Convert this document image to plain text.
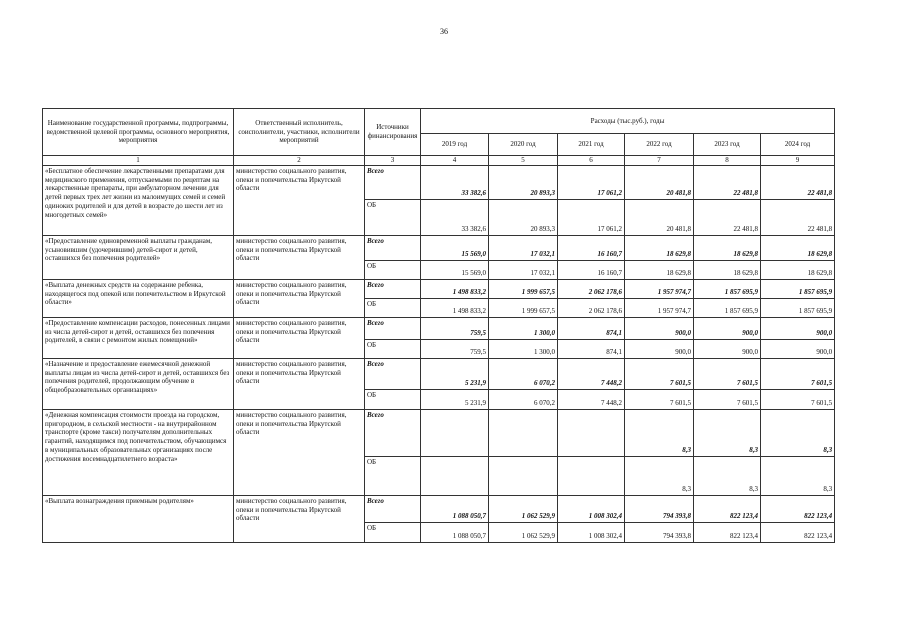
36
Наименование государственной программы, подпрограммы, ведомственной целевой программы, основного мероприятия, мероприятия	Ответственный исполнитель, соисполнители, участники, исполнители мероприятий	Источники финансирования	Расходы (тыс.руб.), годы					
			2019 год	2020 год	2021 год	2022 год	2023 год	2024 год
1	2	3	4	5	6	7	8	9
«Бесплатное обеспечение лекарственными препаратами для медицинского применения, отпускаемыми по рецептам на лекарственные препараты, при амбулаторном лечении для детей первых трех лет жизни из малоимущих семей и семей одиноких родителей и для детей в возрасте до шести лет из многодетных семей»	министерство социального развития, опеки и попечительства Иркутской области	Всего	33 382,6	20 893,3	17 061,2	20 481,8	22 481,8	22 481,8
		ОБ	33 382,6	20 893,3	17 061,2	20 481,8	22 481,8	22 481,8
«Предоставление единовременной выплаты гражданам, усыновившим (удочерившим) детей-сирот и детей, оставшихся без попечения родителей»	министерство социального развития, опеки и попечительства Иркутской области	Всего	15 569,0	17 032,1	16 160,7	18 629,8	18 629,8	18 629,8
		ОБ	15 569,0	17 032,1	16 160,7	18 629,8	18 629,8	18 629,8
«Выплата денежных средств на содержание ребенка, находящегося под опекой или попечительством в Иркутской области»	министерство социального развития, опеки и попечительства Иркутской области	Всего	1 498 833,2	1 999 657,5	2 062 178,6	1 957 974,7	1 857 695,9	1 857 695,9
		ОБ	1 498 833,2	1 999 657,5	2 062 178,6	1 957 974,7	1 857 695,9	1 857 695,9
«Предоставление компенсации расходов, понесенных лицами из числа детей-сирот и детей, оставшихся без попечения родителей, в связи с ремонтом жилых помещений»	министерство социального развития, опеки и попечительства Иркутской области	Всего	759,5	1 300,0	874,1	900,0	900,0	900,0
		ОБ	759,5	1 300,0	874,1	900,0	900,0	900,0
«Назначение и предоставление ежемесячной денежной выплаты лицам из числа детей-сирот и детей, оставшихся без попечения родителей, продолжающим обучение в общеобразовательных организациях»	министерство социального развития, опеки и попечительства Иркутской области	Всего	5 231,9	6 070,2	7 448,2	7 601,5	7 601,5	7 601,5
		ОБ	5 231,9	6 070,2	7 448,2	7 601,5	7 601,5	7 601,5
«Денежная компенсация стоимости проезда на городском, пригородном, в сельской местности - на внутрирайонном транспорте (кроме такси) получателям дополнительных гарантий, находящимся под попечительством, обучающимся в муниципальных образовательных организациях после достижения восемнадцатилетнего возраста»	министерство социального развития, опеки и попечительства Иркутской области	Всего				8,3	8,3	8,3
		ОБ				8,3	8,3	8,3
«Выплата вознаграждения приемным родителям»	министерство социального развития, опеки и попечительства Иркутской области	Всего	1 088 050,7	1 062 529,9	1 008 302,4	794 393,8	822 123,4	822 123,4
		ОБ	1 088 050,7	1 062 529,9	1 008 302,4	794 393,8	822 123,4	822 123,4
